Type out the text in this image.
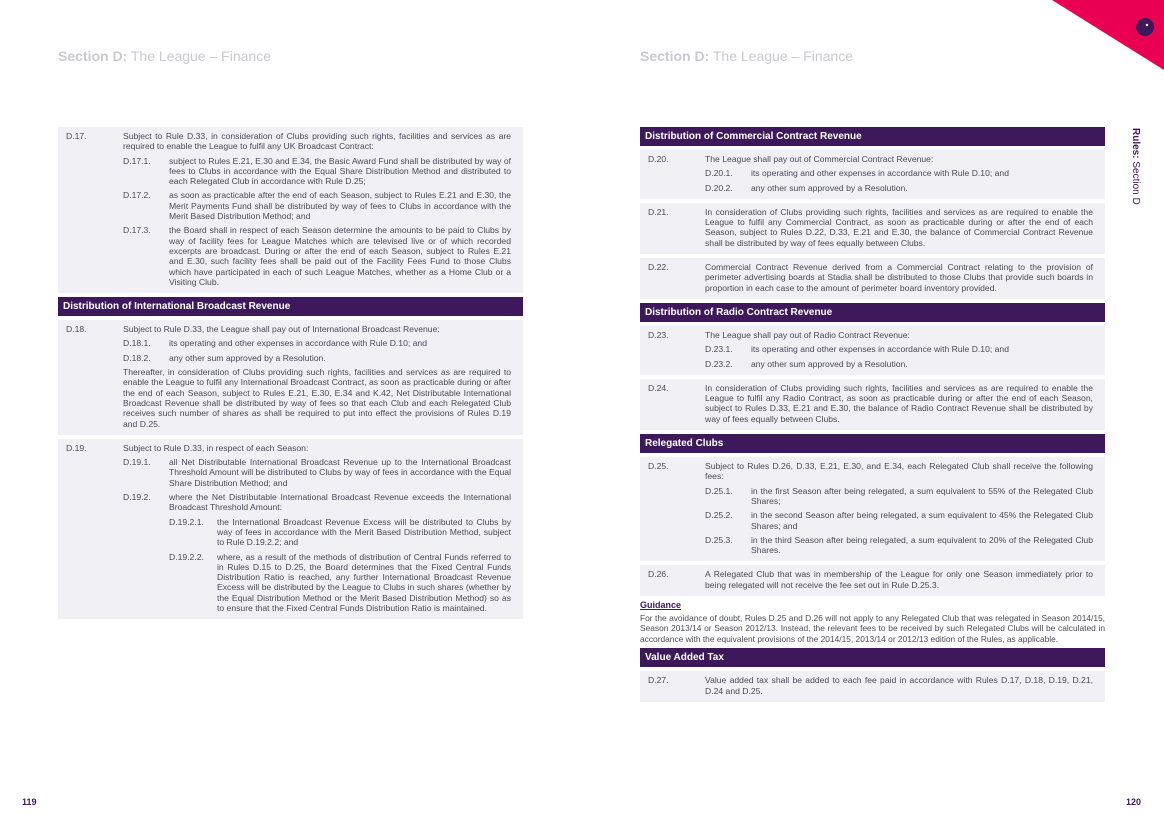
Section D: The League – Finance	Section D: The League – Finance
Rules: Section D
D.17.	Subject to Rule D.33, in consideration of Clubs providing such rights, facilities and services as are required to enable the League to fulfil any UK Broadcast Contract:
D.17.1. subject to Rules E.21, E.30 and E.34, the Basic Award Fund shall be distributed by way of fees to Clubs in accordance with the Equal Share Distribution Method and distributed to each Relegated Club in accordance with Rule D.25;
D.17.2. as soon as practicable after the end of each Season, subject to Rules E.21 and E.30, the Merit Payments Fund shall be distributed by way of fees to Clubs in accordance with the Merit Based Distribution Method; and
D.17.3. the Board shall in respect of each Season determine the amounts to be paid to Clubs by way of facility fees for League Matches which are televised live or of which recorded excerpts are broadcast. During or after the end of each Season, subject to Rules E.21 and E.30, such facility fees shall be paid out of the Facility Fees Fund to those Clubs which have participated in each of such League Matches, whether as a Home Club or a Visiting Club.
Distribution of International Broadcast Revenue
D.18.	Subject to Rule D.33, the League shall pay out of International Broadcast Revenue:
D.18.1. its operating and other expenses in accordance with Rule D.10; and
D.18.2. any other sum approved by a Resolution.
Thereafter, in consideration of Clubs providing such rights, facilities and services as are required to enable the League to fulfil any International Broadcast Contract, as soon as practicable during or after the end of each Season, subject to Rules E.21, E.30, E.34 and K.42, Net Distributable International Broadcast Revenue shall be distributed by way of fees so that each Club and each Relegated Club receives such number of shares as shall be required to put into effect the provisions of Rules D.19 and D.25.
D.19.	Subject to Rule D.33, in respect of each Season:
D.19.1. all Net Distributable International Broadcast Revenue up to the International Broadcast Threshold Amount will be distributed to Clubs by way of fees in accordance with the Equal Share Distribution Method; and
D.19.2. where the Net Distributable International Broadcast Revenue exceeds the International Broadcast Threshold Amount:
D.19.2.1. the International Broadcast Revenue Excess will be distributed to Clubs by way of fees in accordance with the Merit Based Distribution Method, subject to Rule D.19.2.2; and
D.19.2.2. where, as a result of the methods of distribution of Central Funds referred to in Rules D.15 to D.25, the Board determines that the Fixed Central Funds Distribution Ratio is reached, any further International Broadcast Revenue Excess will be distributed by the League to Clubs in such shares (whether by the Equal Distribution Method or the Merit Based Distribution Method) so as to ensure that the Fixed Central Funds Distribution Ratio is maintained.
Distribution of Commercial Contract Revenue
D.20.	The League shall pay out of Commercial Contract Revenue:
D.20.1. its operating and other expenses in accordance with Rule D.10; and
D.20.2. any other sum approved by a Resolution.
D.21.	In consideration of Clubs providing such rights, facilities and services as are required to enable the League to fulfil any Commercial Contract, as soon as practicable during or after the end of each Season, subject to Rules D.22, D.33, E.21 and E.30, the balance of Commercial Contract Revenue shall be distributed by way of fees equally between Clubs.
D.22.	Commercial Contract Revenue derived from a Commercial Contract relating to the provision of perimeter advertising boards at Stadia shall be distributed to those Clubs that provide such boards in proportion in each case to the amount of perimeter board inventory provided.
Distribution of Radio Contract Revenue
D.23.	The League shall pay out of Radio Contract Revenue:
D.23.1. its operating and other expenses in accordance with Rule D.10; and
D.23.2. any other sum approved by a Resolution.
D.24.	In consideration of Clubs providing such rights, facilities and services as are required to enable the League to fulfil any Radio Contract, as soon as practicable during or after the end of each Season, subject to Rules D.33, E.21 and E.30, the balance of Radio Contract Revenue shall be distributed by way of fees equally between Clubs.
Relegated Clubs
D.25.	Subject to Rules D.26, D.33, E.21, E.30, and E.34, each Relegated Club shall receive the following fees:
D.25.1. in the first Season after being relegated, a sum equivalent to 55% of the Relegated Club Shares;
D.25.2. in the second Season after being relegated, a sum equivalent to 45% the Relegated Club Shares; and
D.25.3. in the third Season after being relegated, a sum equivalent to 20% of the Relegated Club Shares.
D.26.	A Relegated Club that was in membership of the League for only one Season immediately prior to being relegated will not receive the fee set out in Rule D.25.3.
Guidance
For the avoidance of doubt, Rules D.25 and D.26 will not apply to any Relegated Club that was relegated in Season 2014/15, Season 2013/14 or Season 2012/13. Instead, the relevant fees to be received by such Relegated Clubs will be calculated in accordance with the equivalent provisions of the 2014/15, 2013/14 or 2012/13 edition of the Rules, as applicable.
Value Added Tax
D.27.	Value added tax shall be added to each fee paid in accordance with Rules D.17, D.18, D.19, D.21, D.24 and D.25.
119	120
